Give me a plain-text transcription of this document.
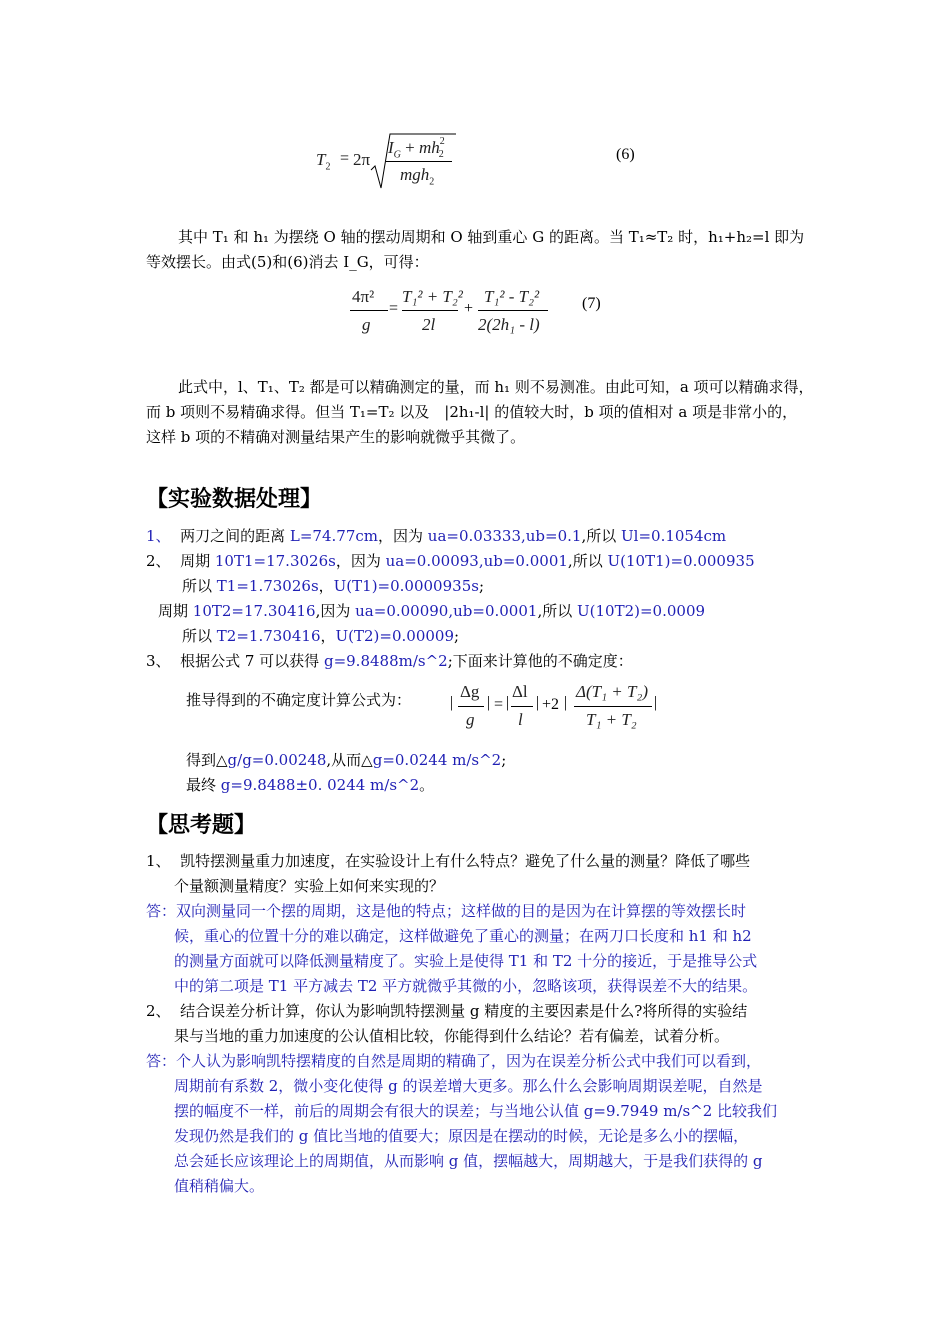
$T_2 = 2\pi$
$I_G + mh^2_2$
mgh$_2$
(6)
其中 T₁ 和 h₁ 为摆绕 O 轴的摆动周期和 O 轴到重心 G 的距离。当 T₁≈T₂ 时，h₁+h₂=l 即为
等效摆长。由式(5)和(6)消去 I_G，可得：
4π²
g
=
T₁² + T₂²
2l
+
T₁² - T₂²
2(2h₁ - l)
(7)
此式中，l、T₁、T₂ 都是可以精确测定的量，而 h₁ 则不易测准。由此可知，a 项可以精确求得，
而 b 项则不易精确求得。但当 T₁=T₂ 以及　|2h₁-l| 的值较大时，b 项的值相对 a 项是非常小的，
这样 b 项的不精确对测量结果产生的影响就微乎其微了。
【实验数据处理】
1、 两刀之间的距离 L=74.77cm，因为 ua=0.03333,ub=0.1,所以 Ul=0.1054cm
2、 周期 10T1=17.3026s，因为 ua=0.00093,ub=0.0001,所以 U(10T1)=0.000935
所以 T1=1.73026s，U(T1)=0.0000935s;
周期 10T2=17.30416,因为 ua=0.00090,ub=0.0001,所以 U(10T2)=0.0009
所以 T2=1.730416，U(T2)=0.00009;
3、 根据公式 7 可以获得 g=9.8488m/s^2;下面来计算他的不确定度：
推导得到的不确定度计算公式为： |
Δg
g
| = |
Δl
l
| +2 |
Δ(T₁ + T₂)
T₁ + T₂
|
得到△g/g=0.00248,从而△g=0.0244 m/s^2;
最终 g=9.8488±0. 0244 m/s^2。
【思考题】
1、 凯特摆测量重力加速度，在实验设计上有什么特点？避免了什么量的测量？降低了哪些
个量额测量精度？实验上如何来实现的？
答：双向测量同一个摆的周期，这是他的特点；这样做的目的是因为在计算摆的等效摆长时
候，重心的位置十分的难以确定，这样做避免了重心的测量；在两刀口长度和 h1 和 h2
的测量方面就可以降低测量精度了。实验上是使得 T1 和 T2 十分的接近，于是推导公式
中的第二项是 T1 平方减去 T2 平方就微乎其微的小，忽略该项，获得误差不大的结果。
2、 结合误差分析计算，你认为影响凯特摆测量 g 精度的主要因素是什么?将所得的实验结
果与当地的重力加速度的公认值相比较，你能得到什么结论？若有偏差，试着分析。
答：个人认为影响凯特摆精度的自然是周期的精确了，因为在误差分析公式中我们可以看到，
周期前有系数 2，微小变化使得 g 的误差增大更多。那么什么会影响周期误差呢，自然是
摆的幅度不一样，前后的周期会有很大的误差；与当地公认值 g=9.7949 m/s^2 比较我们
发现仍然是我们的 g 值比当地的值要大；原因是在摆动的时候，无论是多么小的摆幅，
总会延长应该理论上的周期值，从而影响 g 值，摆幅越大，周期越大，于是我们获得的 g
值稍稍偏大。
